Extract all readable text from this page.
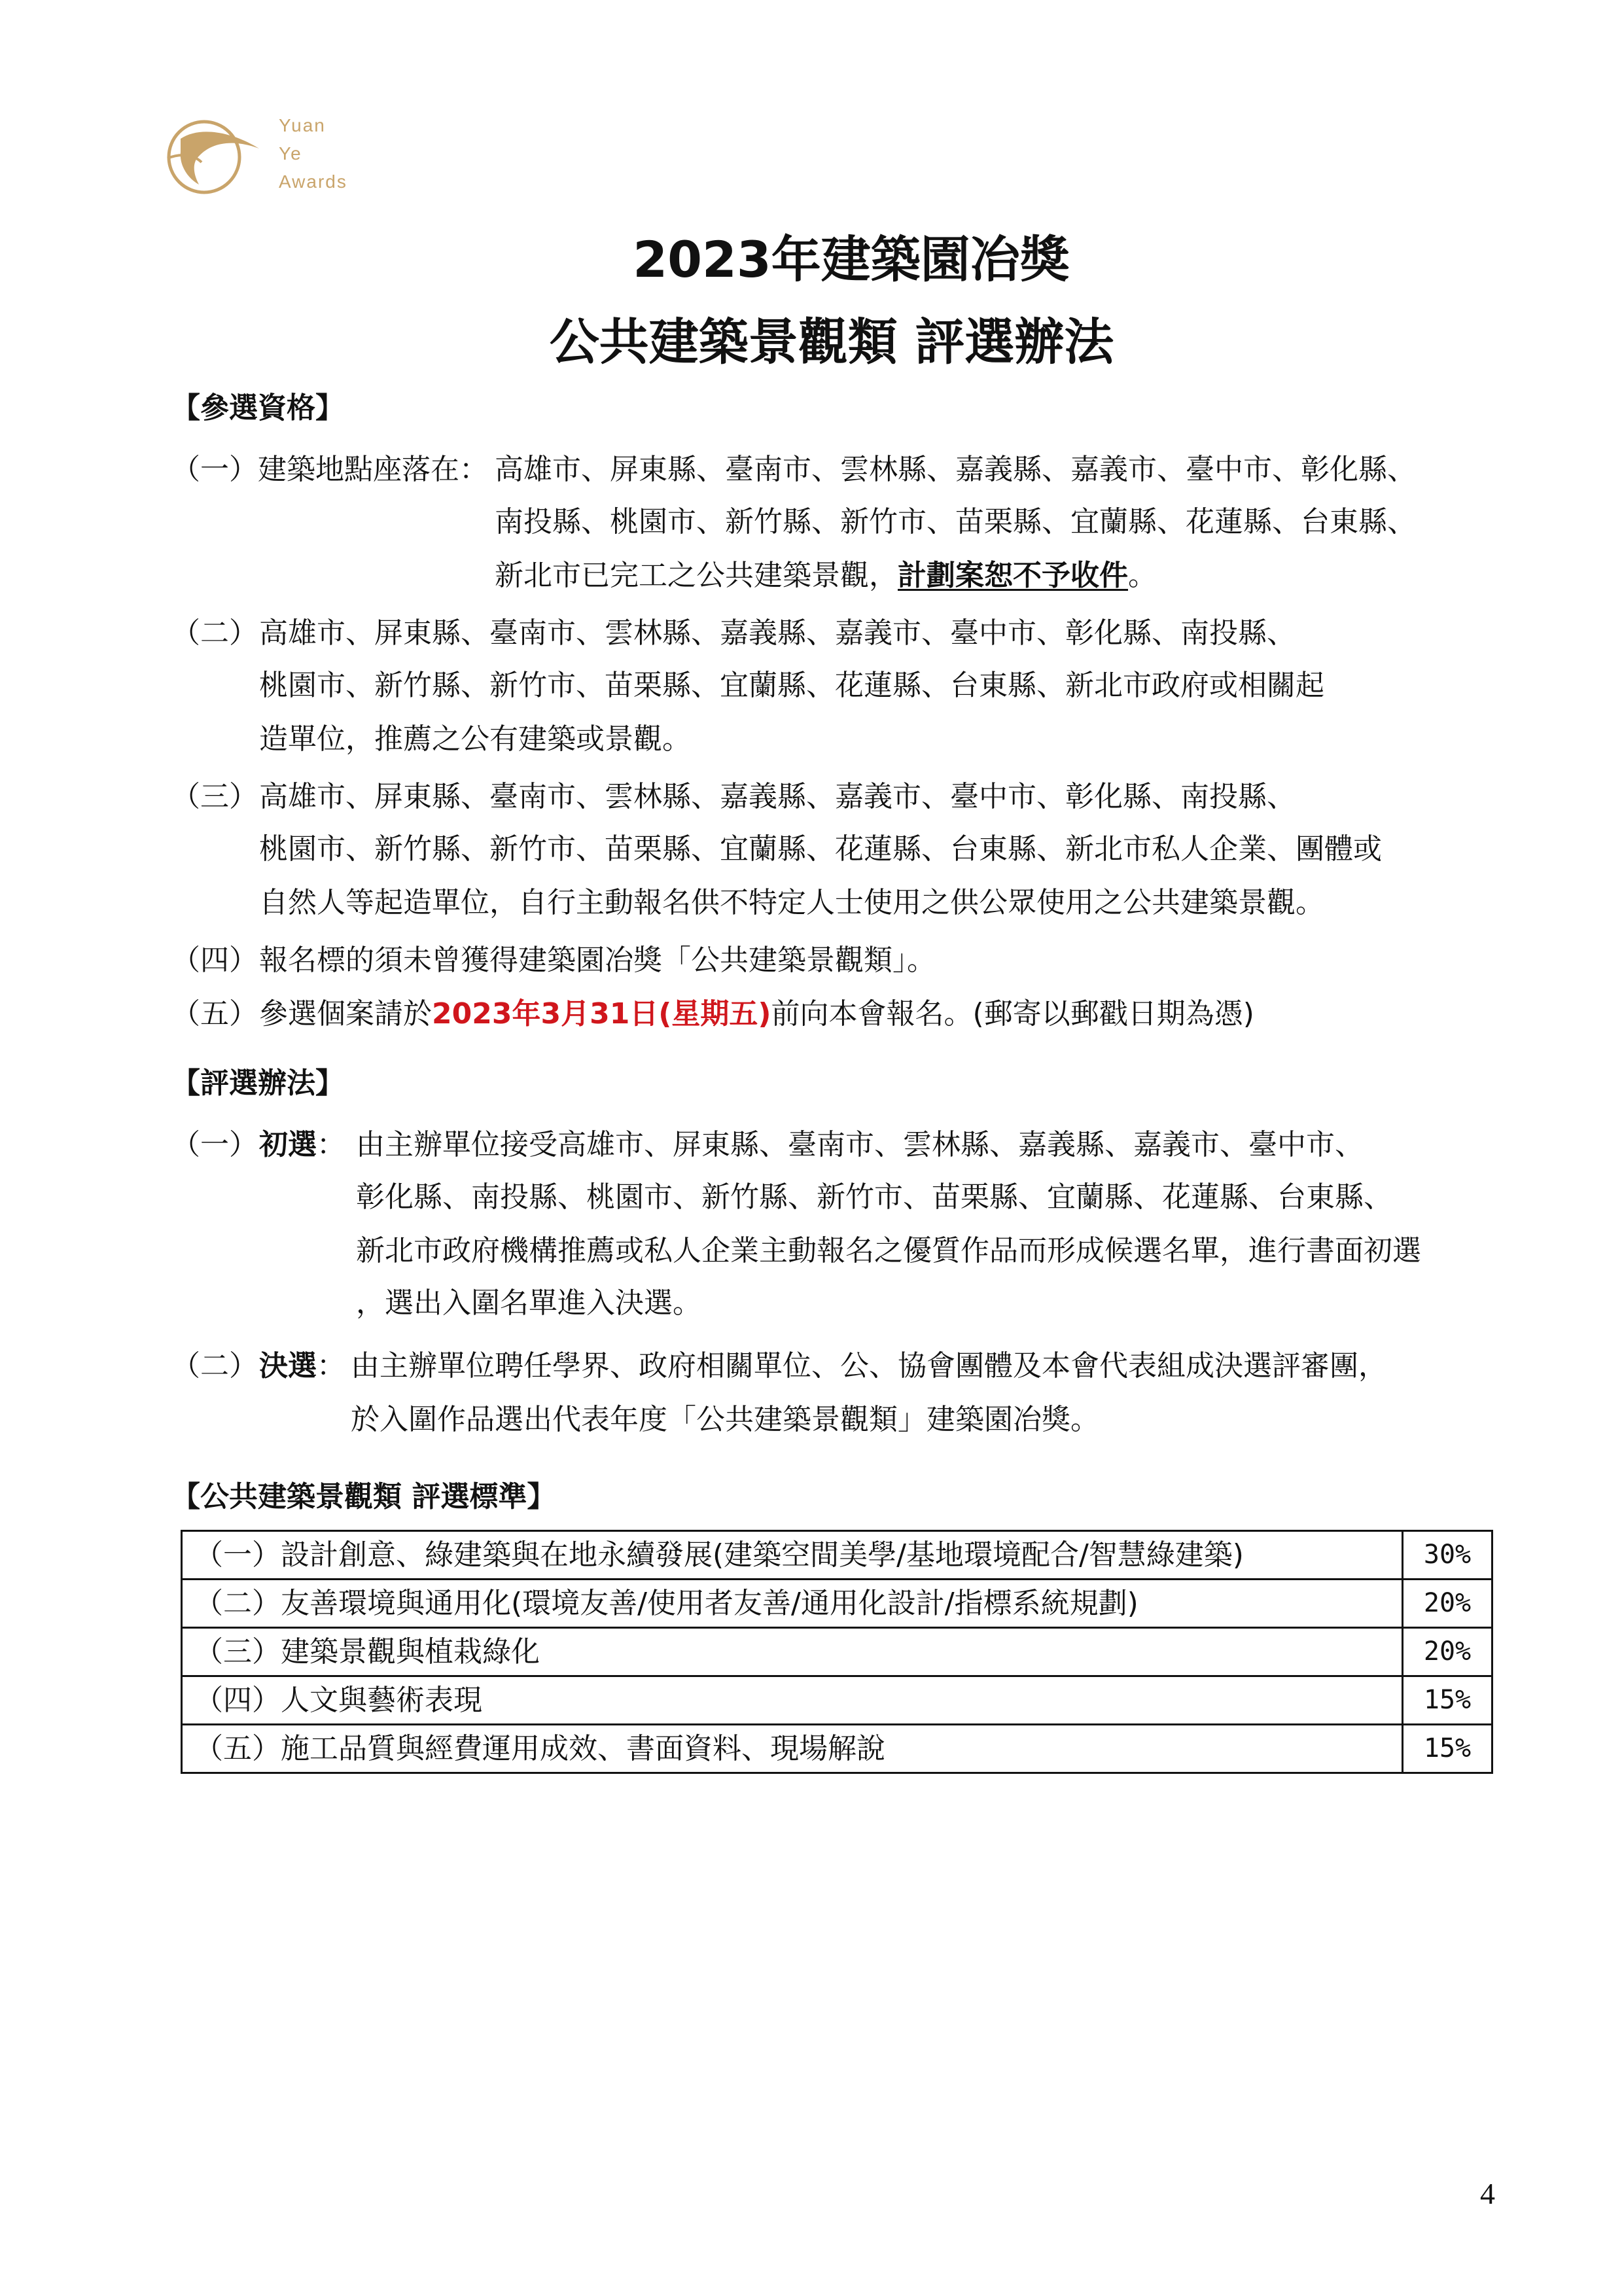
Yuan
Ye
Awards
2023年建築園冶獎
公共建築景觀類 評選辦法
【參選資格】
（一）建築地點座落在： 高雄市、屏東縣、臺南市、雲林縣、嘉義縣、嘉義市、臺中市、彰化縣、
南投縣、桃園市、新竹縣、新竹市、苗栗縣、宜蘭縣、花蓮縣、台東縣、
新北市已完工之公共建築景觀，計劃案恕不予收件。
（二） 高雄市、屏東縣、臺南市、雲林縣、嘉義縣、嘉義市、臺中市、彰化縣、南投縣、
桃園市、新竹縣、新竹市、苗栗縣、宜蘭縣、花蓮縣、台東縣、新北市政府或相關起
造單位，推薦之公有建築或景觀。
（三） 高雄市、屏東縣、臺南市、雲林縣、嘉義縣、嘉義市、臺中市、彰化縣、南投縣、
桃園市、新竹縣、新竹市、苗栗縣、宜蘭縣、花蓮縣、台東縣、新北市私人企業、團體或
自然人等起造單位，自行主動報名供不特定人士使用之供公眾使用之公共建築景觀。
（四） 報名標的須未曾獲得建築園冶獎「公共建築景觀類」。
（五） 參選個案請於2023年3月31日(星期五)前向本會報名。(郵寄以郵戳日期為憑)
【評選辦法】
（一） 初選： 由主辦單位接受高雄市、屏東縣、臺南市、雲林縣、嘉義縣、嘉義市、臺中市、
彰化縣、南投縣、桃園市、新竹縣、新竹市、苗栗縣、宜蘭縣、花蓮縣、台東縣、
新北市政府機構推薦或私人企業主動報名之優質作品而形成候選名單，進行書面初選
，選出入圍名單進入決選。
（二） 決選： 由主辦單位聘任學界、政府相關單位、公、協會團體及本會代表組成決選評審團，
於入圍作品選出代表年度「公共建築景觀類」建築園冶獎。
【公共建築景觀類 評選標準】
（一）設計創意、綠建築與在地永續發展(建築空間美學/基地環境配合/智慧綠建築)	30%
（二）友善環境與通用化(環境友善/使用者友善/通用化設計/指標系統規劃)	20%
（三）建築景觀與植栽綠化	20%
（四）人文與藝術表現	15%
（五）施工品質與經費運用成效、書面資料、現場解說	15%
4
